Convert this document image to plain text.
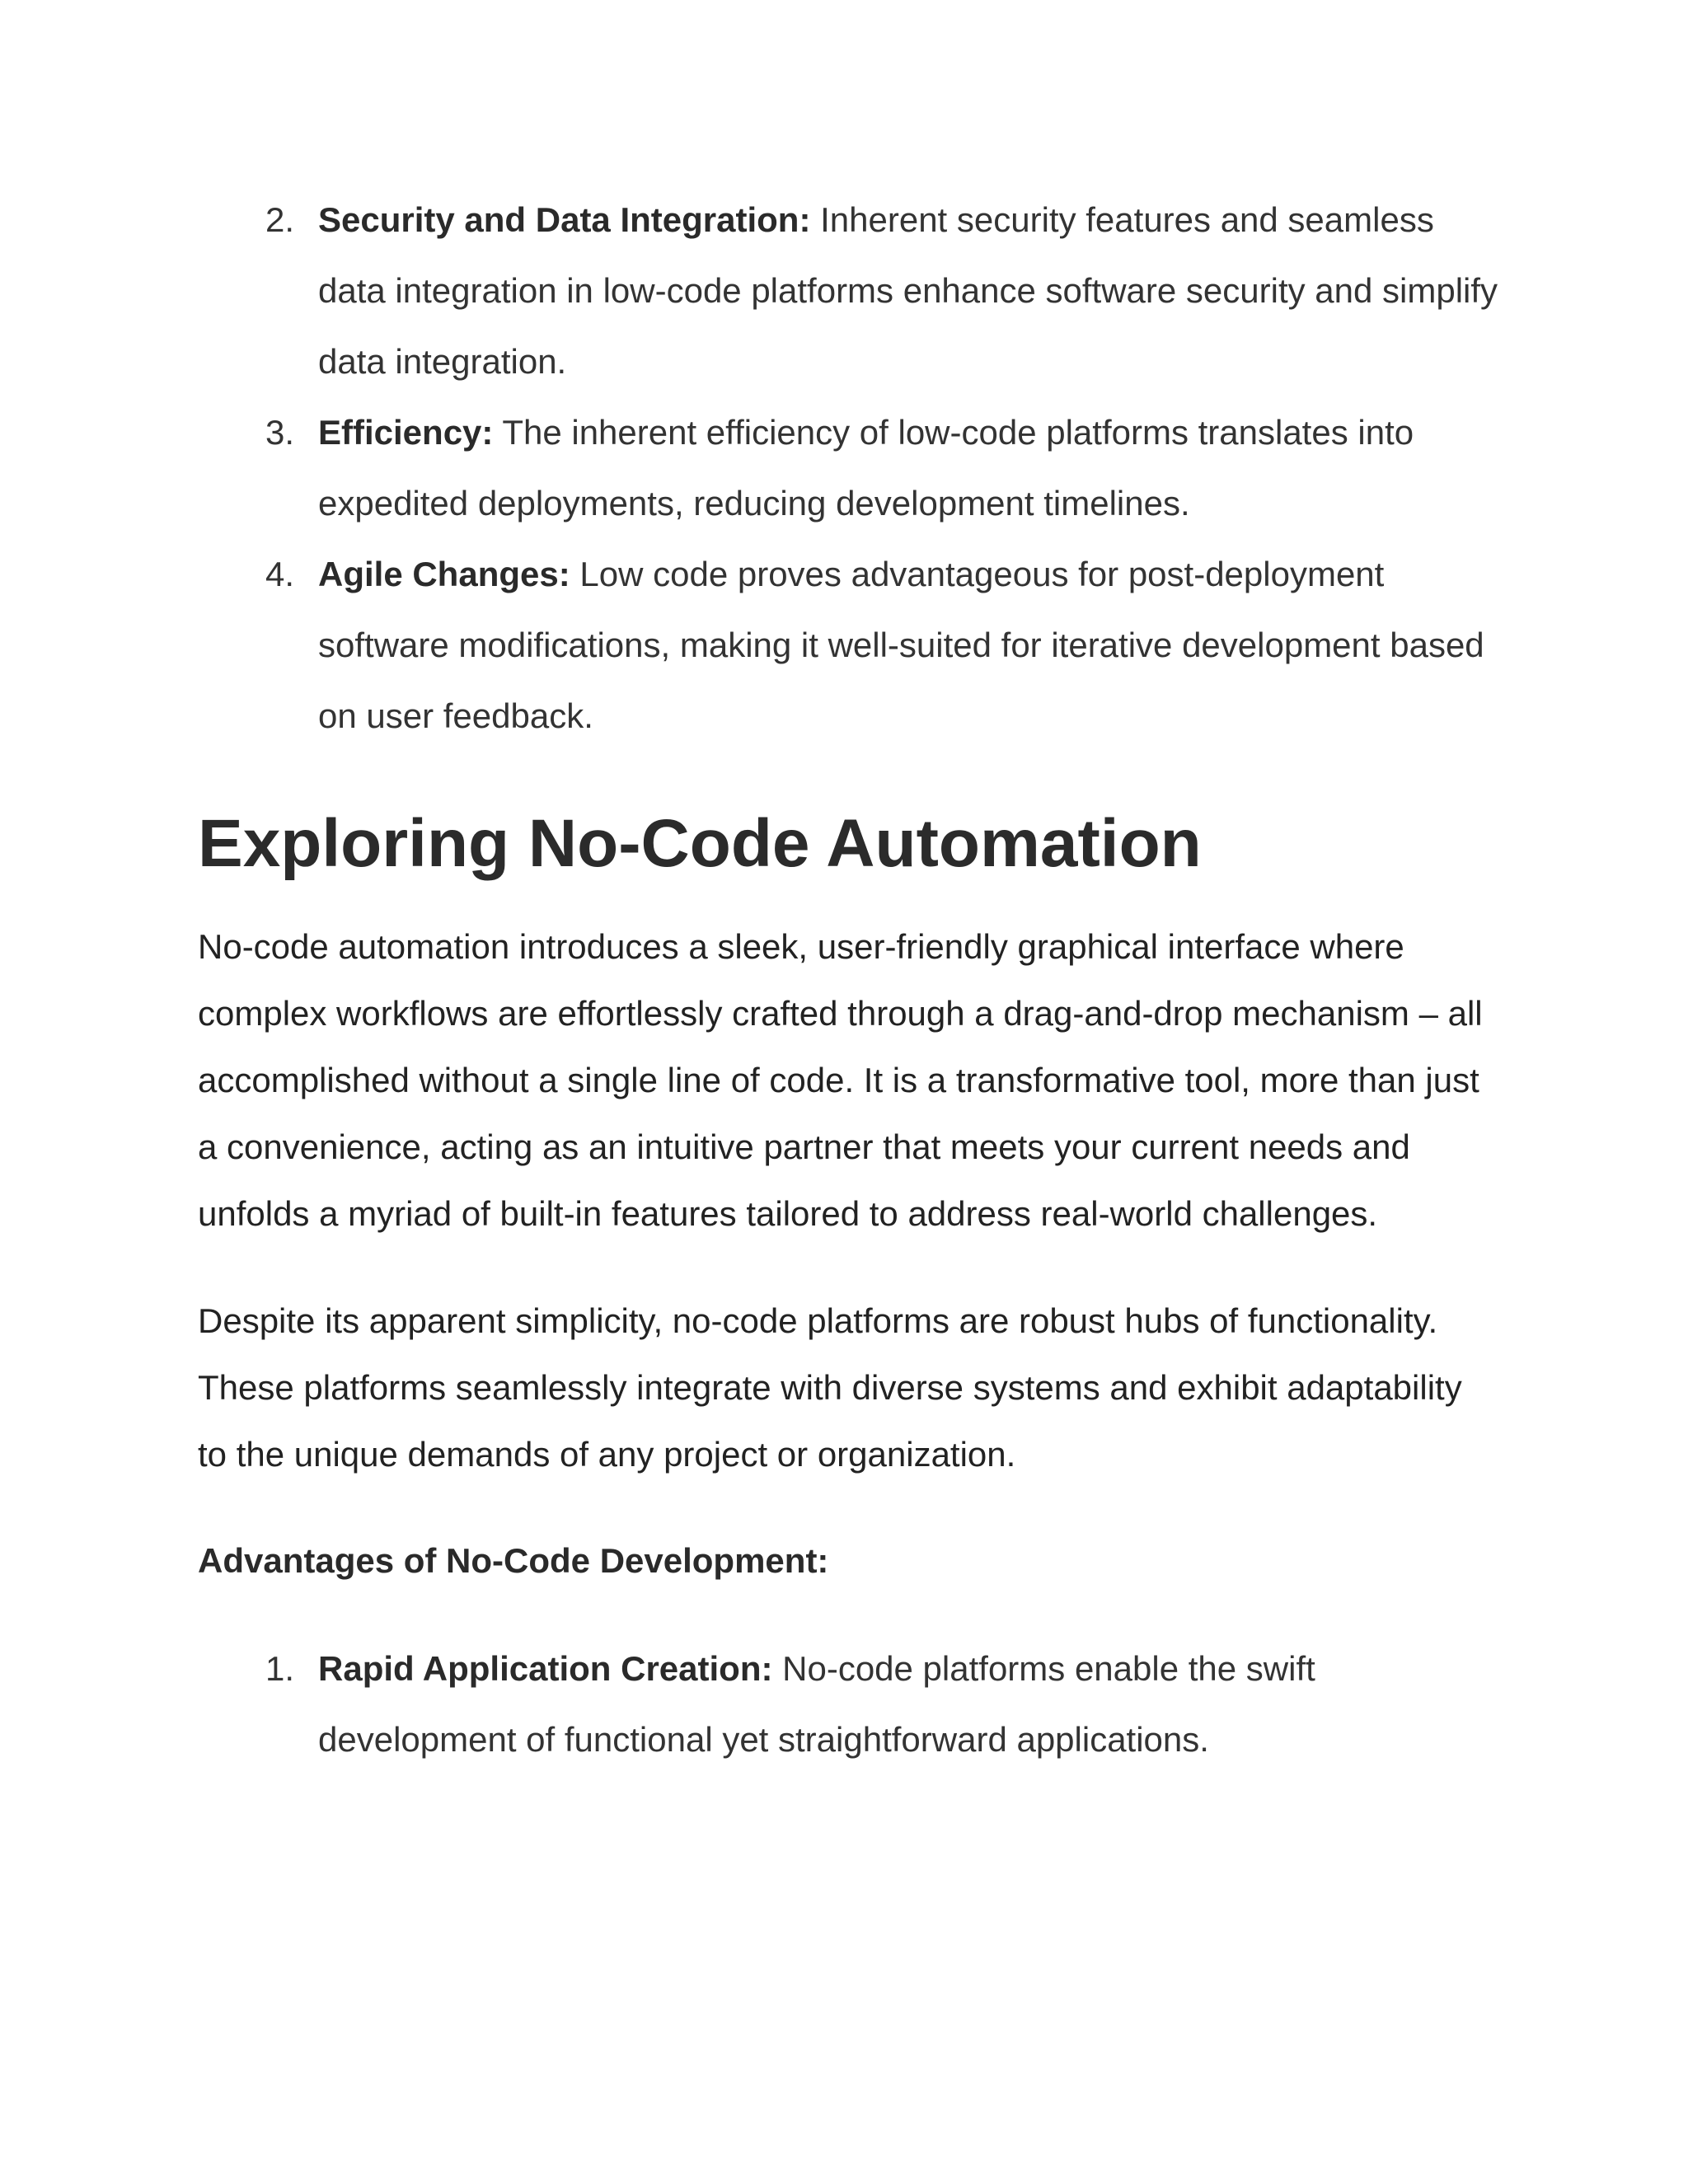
2. Security and Data Integration: Inherent security features and seamless data integration in low-code platforms enhance software security and simplify data integration.
3. Efficiency: The inherent efficiency of low-code platforms translates into expedited deployments, reducing development timelines.
4. Agile Changes: Low code proves advantageous for post-deployment software modifications, making it well-suited for iterative development based on user feedback.
Exploring No-Code Automation

No-code automation introduces a sleek, user-friendly graphical interface where complex workflows are effortlessly crafted through a drag-and-drop mechanism – all accomplished without a single line of code. It is a transformative tool, more than just a convenience, acting as an intuitive partner that meets your current needs and unfolds a myriad of built-in features tailored to address real-world challenges.

Despite its apparent simplicity, no-code platforms are robust hubs of functionality. These platforms seamlessly integrate with diverse systems and exhibit adaptability to the unique demands of any project or organization.

Advantages of No-Code Development:

1. Rapid Application Creation: No-code platforms enable the swift development of functional yet straightforward applications.
